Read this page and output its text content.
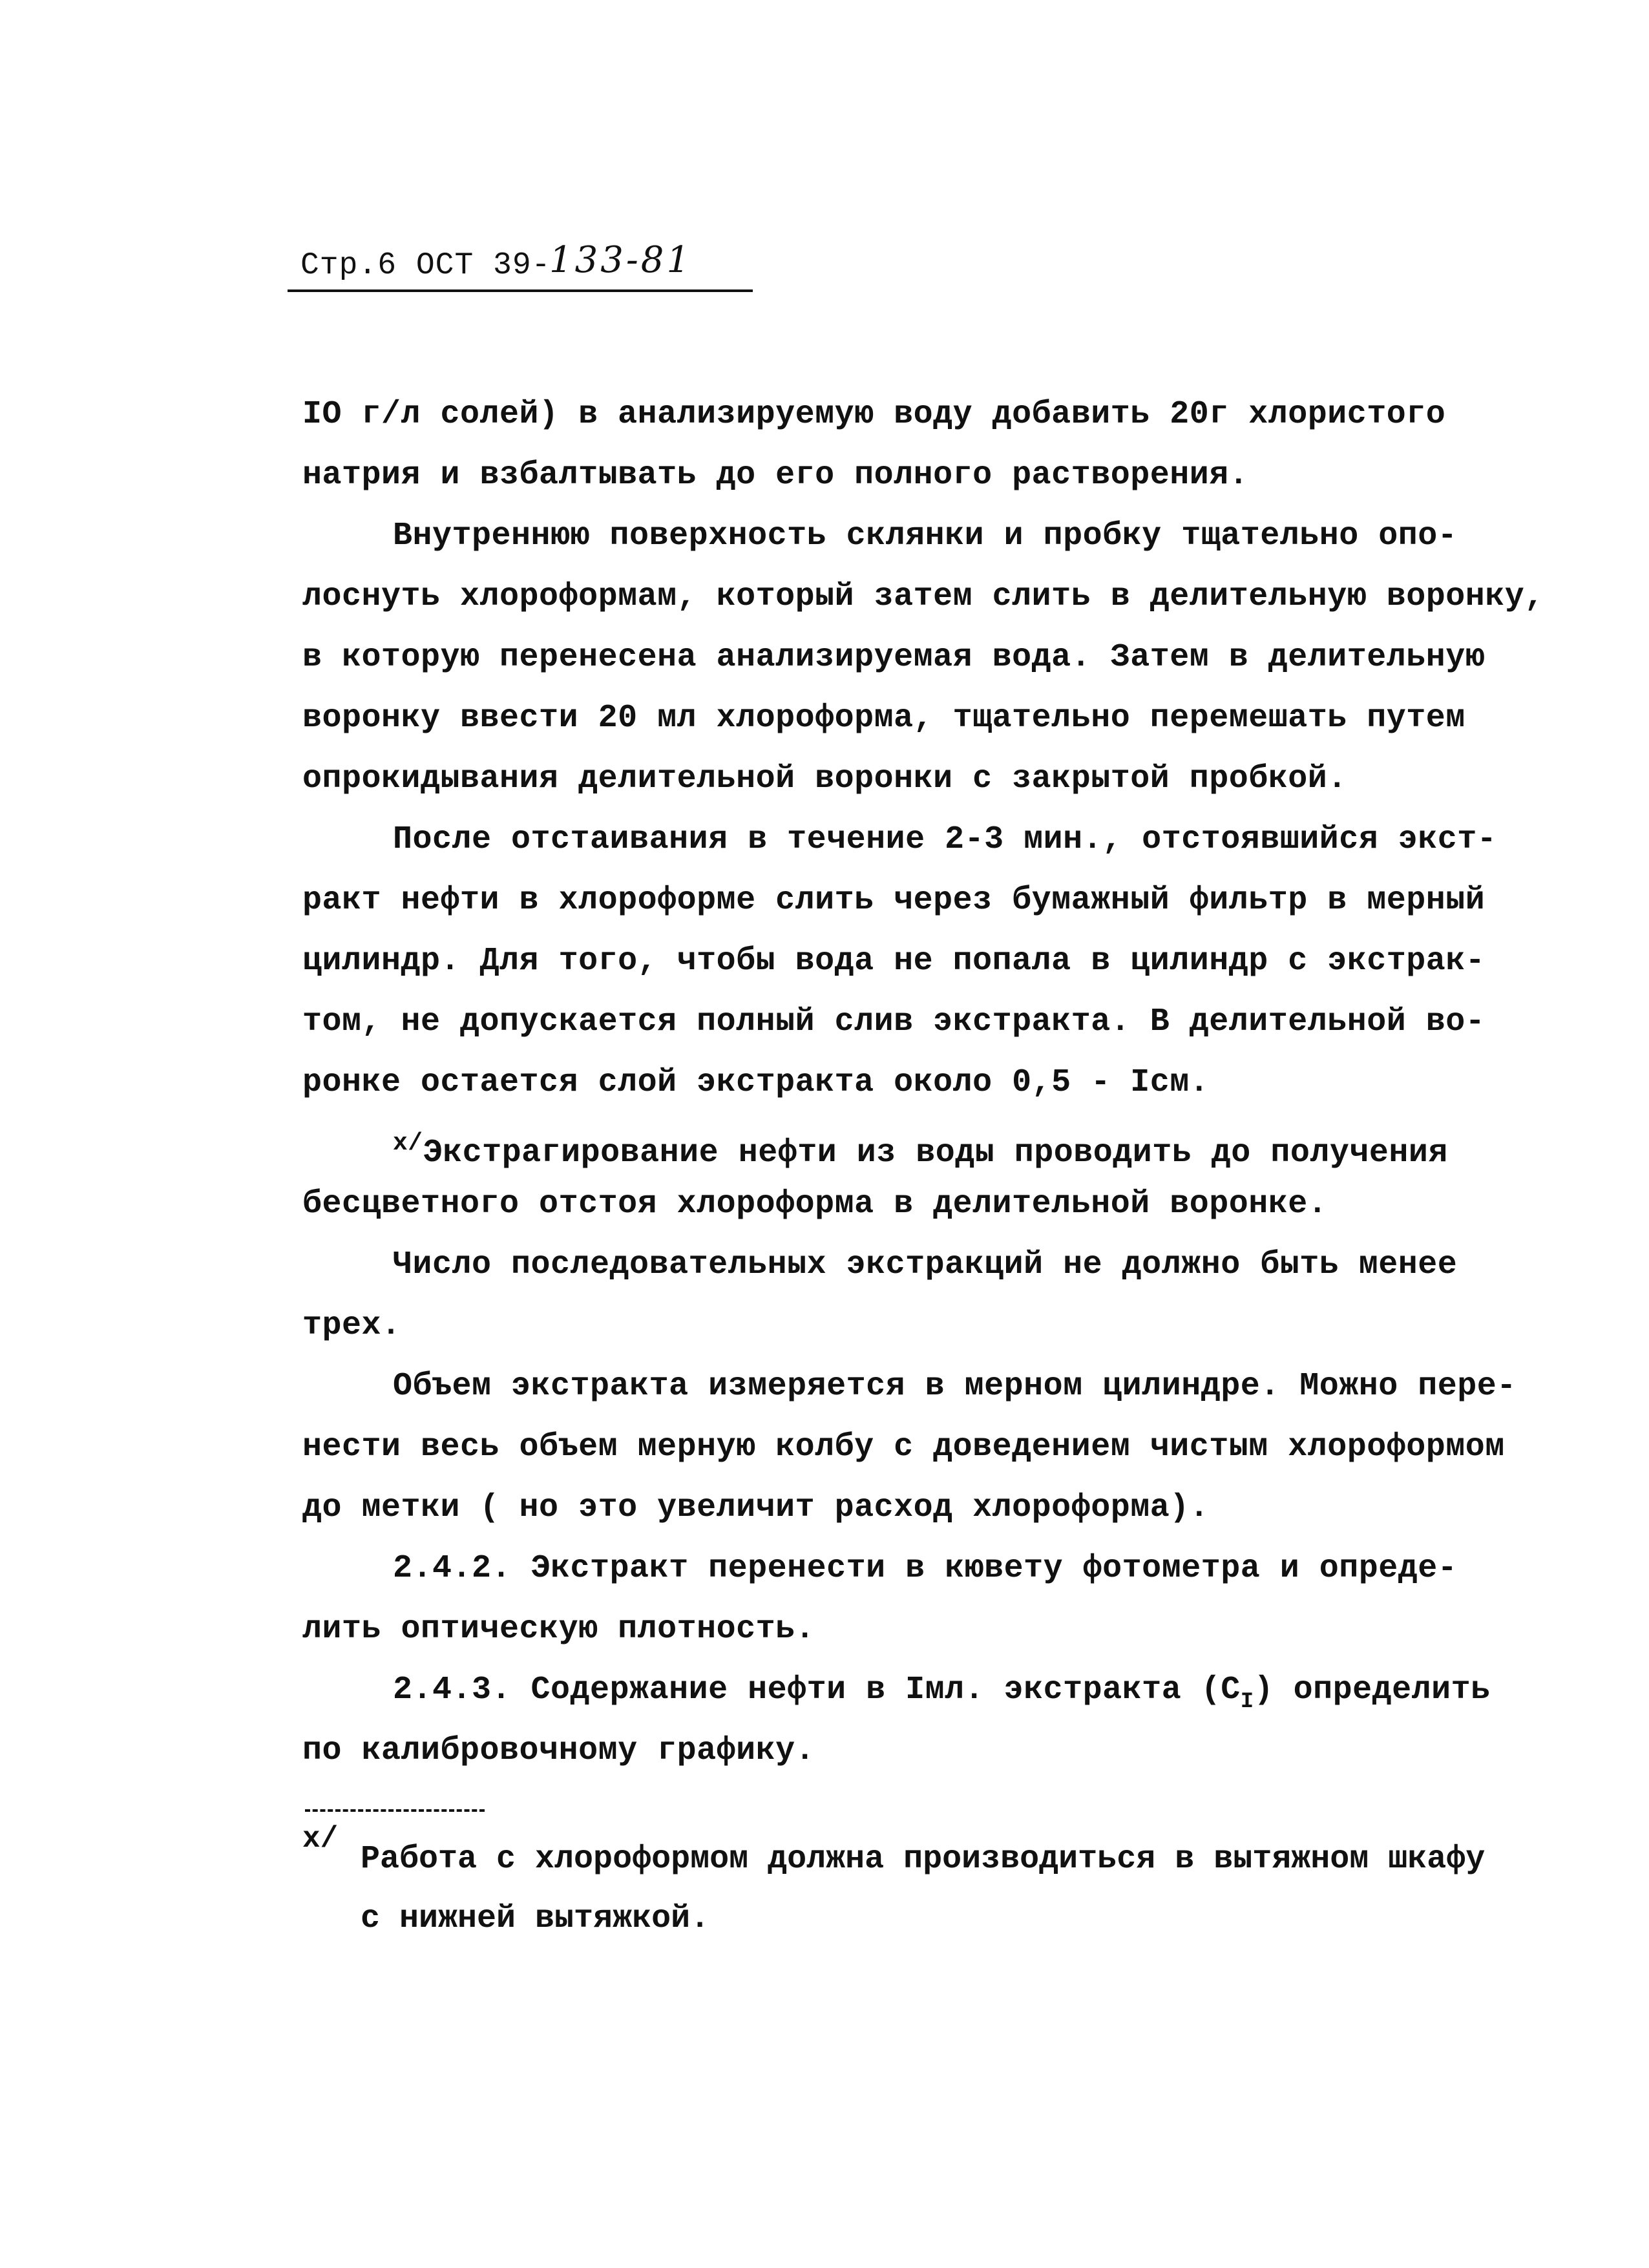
Стр.6 ОСТ 39-
133-81
IO г/л солей) в анализируемую воду добавить 20г хлористого
натрия и взбалтывать до его полного растворения.
Внутреннюю поверхность склянки и пробку тщательно опо-
лоснуть хлороформам, который затем слить в делительную воронку,
в которую перенесена анализируемая вода. Затем в делительную
воронку ввести 20 мл хлороформа, тщательно перемешать путем
опрокидывания делительной воронки с закрытой пробкой.
После отстаивания в течение 2-3 мин., отстоявшийся экст-
ракт нефти в хлороформе слить через бумажный фильтр в мерный
цилиндр. Для того, чтобы вода не попала в цилиндр с экстрак-
том, не допускается полный слив экстракта. В делительной во-
ронке остается слой экстракта около 0,5 - Iсм.
$^{x/}$Экстрагирование нефти из воды проводить до получения
бесцветного отстоя хлороформа в делительной воронке.
Число последовательных экстракций не должно быть менее
трех.
Объем экстракта измеряется в мерном цилиндре. Можно пере-
нести весь объем мерную колбу с доведением чистым хлороформом
до метки ( но это увеличит расход хлороформа).
2.4.2. Экстракт перенести в кювету фотометра и опреде-
лить оптическую плотность.
2.4.3. Содержание нефти в Iмл. экстракта $(С_I)$ определить
по калибровочному графику.
x/
Работа с хлороформом должна производиться в вытяжном шкафу
с нижней вытяжкой.
